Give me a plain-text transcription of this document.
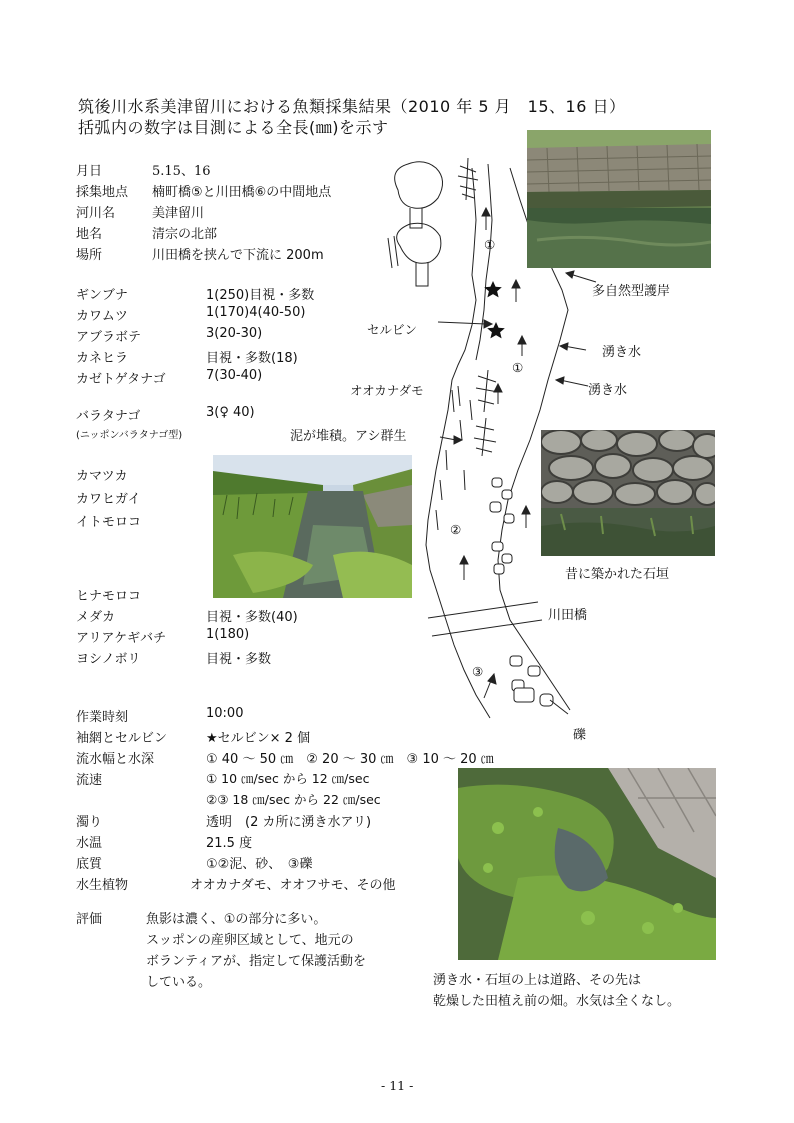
筑後川水系美津留川における魚類採集結果（2010 年 5 月　15、16 日）
括弧内の数字は目測による全長(㎜)を示す
月日	5.15、16
採集地点 楠町橋⑤と川田橋⑥の中間地点
河川名	美津留川
地名	清宗の北部
場所	川田橋を挟んで下流に 200m
ギンブナ	1(250)目視・多数
カワムツ	1(170)4(40-50)
アブラボテ	3(20-30)
カネヒラ	目視・多数(18)
カゼトゲタナゴ	7(30-40)
バラタナゴ	3(♀ 40)
(ニッポンバラタナゴ型)
カマツカ
カワヒガイ
イトモロコ
ヒナモロコ
メダカ	目視・多数(40)
アリアケギバチ	1(180)
ヨシノボリ	目視・多数
作業時刻	10:00
袖網とセルビン	★セルビン× 2 個
流水幅と水深	① 40 ～ 50 ㎝　② 20 ～ 30 ㎝　③ 10 ～ 20 ㎝
流速	① 10 ㎝/sec から 12 ㎝/sec
②③ 18 ㎝/sec から 22 ㎝/sec
濁り	透明　(2 カ所に湧き水アリ)
水温	21.5 度
底質	①②泥、砂、　③礫
水生植物	オオカナダモ、オオフサモ、その他
評価	魚影は濃く、①の部分に多い。
スッポンの産卵区域として、地元の
ボランティアが、指定して保護活動を
している。
①
①
②
③
セルビン
オオカナダモ
泥が堆積。アシ群生
川田橋
礫
湧き水
湧き水
多自然型護岸
昔に築かれた石垣
湧き水・石垣の上は道路、その先は
乾燥した田植え前の畑。水気は全くなし。
- 11 -
